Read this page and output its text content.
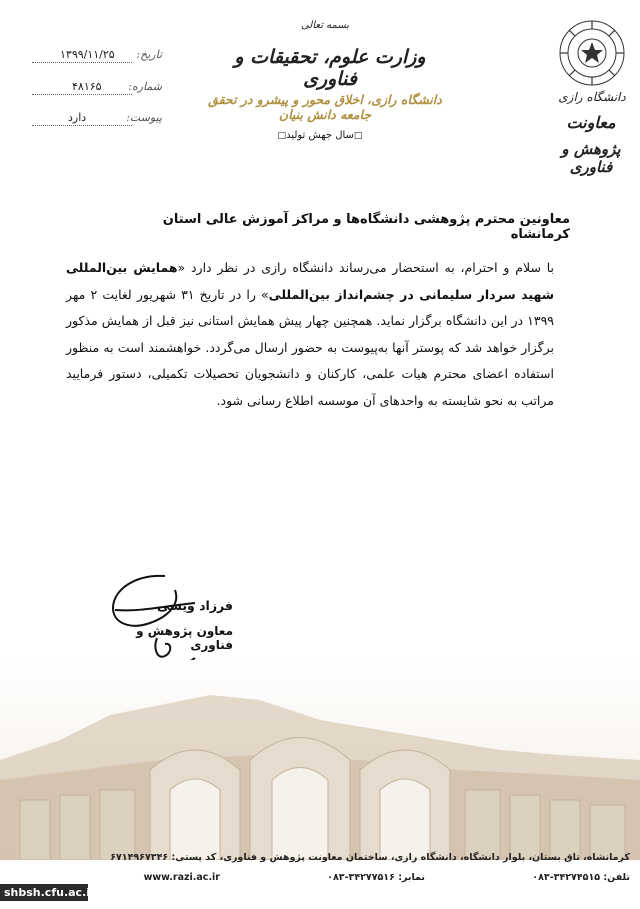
تاریخ:
۱۳۹۹/۱۱/۲۵
شماره:
۴۸۱۶۵
پیوست:
دارد
بسمه تعالی
وزارت علوم، تحقیقات و فناوری
دانشگاه رازی، اخلاق محور و پیشرو در تحقق جامعه دانش بنیان
□سال جهش تولید□
دانشگاه رازی
معاونت
پژوهش و فناوری
معاونین محترم پژوهشی دانشگاه‌ها و مراکز آموزش عالی استان کرمانشاه
با سلام و احترام، به استحضار می‌رساند دانشگاه رازی در نظر دارد «همایش بین‌المللی شهید سردار سلیمانی در چشم‌انداز بین‌المللی» را در تاریخ ۳۱ شهریور لغایت ۲ مهر ۱۳۹۹ در این دانشگاه برگزار نماید. همچنین چهار پیش همایش استانی نیز قبل از همایش مذکور برگزار خواهد شد که پوستر آنها به‌پیوست به حضور ارسال می‌گردد. خواهشمند است به منظور استفاده اعضای محترم هیات علمی، کارکنان و دانشجویان تحصیلات تکمیلی، دستور فرمایید مراتب به نحو شایسته به واحدهای آن موسسه اطلاع رسانی شود.
فرزاد ویسی
معاون پژوهش و فناوری
کرمانشاه، تاق بستان، بلوار دانشگاه، دانشگاه رازی، ساختمان معاونت پژوهش و فناوری، کد پستی: ۶۷۱۴۹۶۷۳۴۶
تلفن: ۳۴۲۷۴۵۱۵-۰۸۳
نمابر: ۳۴۲۷۷۵۱۶-۰۸۳
www.razi.ac.ir
shbsh.cfu.ac.ir
